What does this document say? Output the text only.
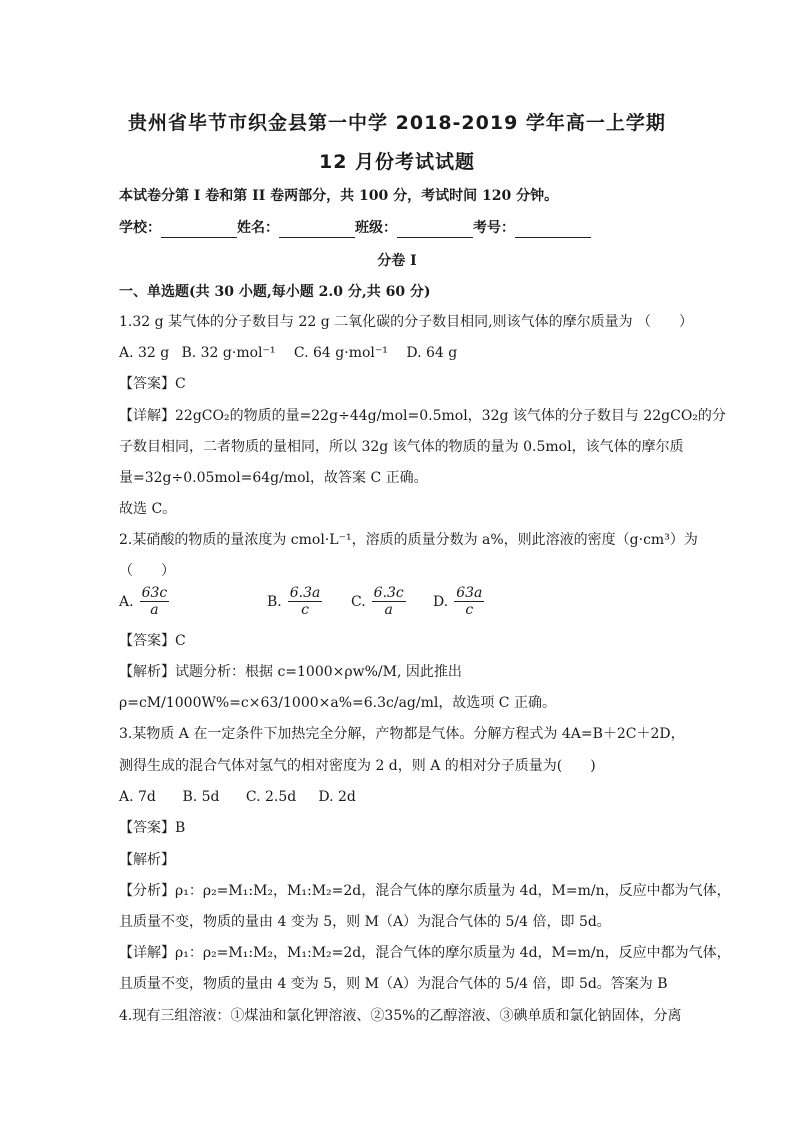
贵州省毕节市织金县第一中学 2018-2019 学年高一上学期
12 月份考试试题
本试卷分第 I 卷和第 II 卷两部分，共 100 分，考试时间 120 分钟。
学校：	姓名：	班级：	考号：
分卷 I
一、单选题(共 30 小题,每小题 2.0 分,共 60 分)
1.32 g 某气体的分子数目与 22 g 二氧化碳的分子数目相同,则该气体的摩尔质量为 （　　）
A. 32 g B. 32 g·mol⁻¹ C. 64 g·mol⁻¹ D. 64 g
【答案】C
【详解】22gCO₂的物质的量=22g÷44g/mol=0.5mol，32g 该气体的分子数目与 22gCO₂的分
子数目相同，二者物质的量相同，所以 32g 该气体的物质的量为 0.5mol，该气体的摩尔质
量=32g÷0.05mol=64g/mol，故答案 C 正确。
故选 C。
2.某硝酸的物质的量浓度为 cmol·L⁻¹，溶质的质量分数为 a%，则此溶液的密度（g·cm³）为
（　　）
A. $\frac{63c}{a}$	B. $\frac{6.3a}{c} C$. $\frac{6.3c}{a} D$. $\frac{63a}{c}$
【答案】C
【解析】试题分析：根据 c=1000×ρw%/M, 因此推出
ρ=cM/1000W%=c×63/1000×a%=6.3c/ag/ml，故选项 C 正确。
3.某物质 A 在一定条件下加热完全分解，产物都是气体。分解方程式为 4A=B＋2C＋2D，
测得生成的混合气体对氢气的相对密度为 2 d，则 A 的相对分子质量为(　　)
A. 7d B. 5d C. 2.5d D. 2d
【答案】B
【解析】
【分析】ρ₁：ρ₂=M₁:M₂，M₁:M₂=2d，混合气体的摩尔质量为 4d，M=m/n，反应中都为气体，
且质量不变，物质的量由 4 变为 5，则 M（A）为混合气体的 5/4 倍，即 5d。
【详解】ρ₁：ρ₂=M₁:M₂，M₁:M₂=2d，混合气体的摩尔质量为 4d，M=m/n，反应中都为气体，
且质量不变，物质的量由 4 变为 5，则 M（A）为混合气体的 5/4 倍，即 5d。答案为 B
4.现有三组溶液：①煤油和氯化钾溶液、②35%的乙醇溶液、③碘单质和氯化钠固体，分离
